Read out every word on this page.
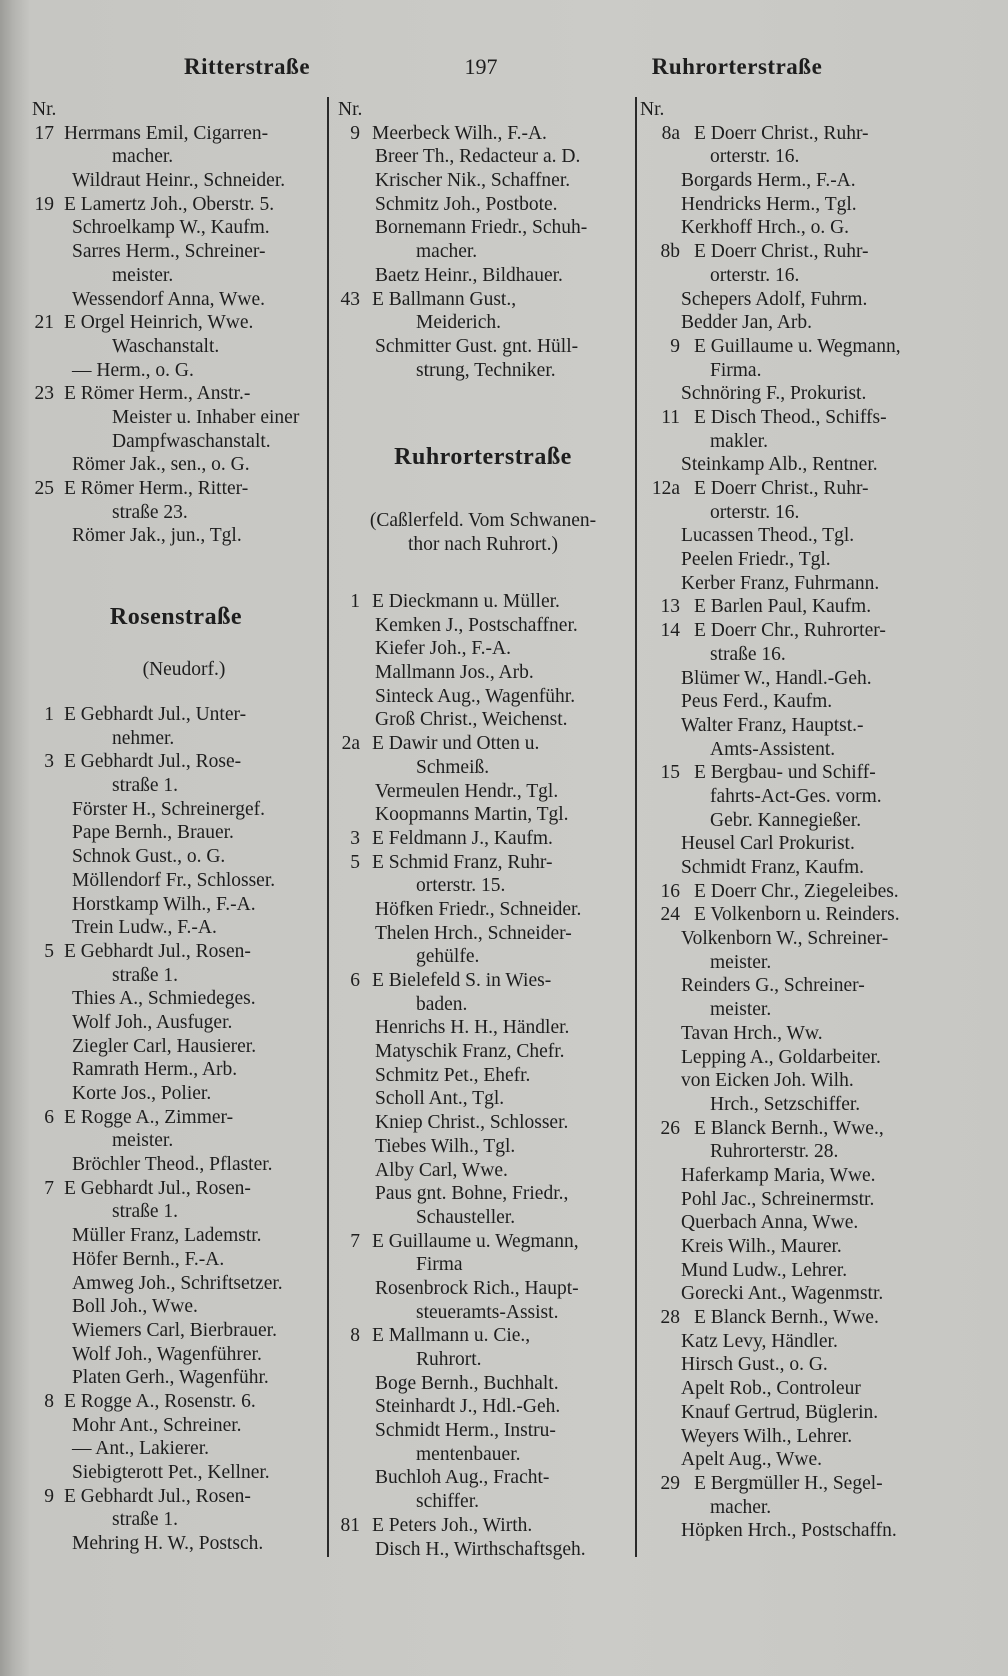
Ritterstraße	197	Ruhrorterstraße
Nr.
17 Herrmans Emil, Cigarren-
macher.
Wildraut Heinr., Schneider.
19 E Lamertz Joh., Oberstr. 5.
Schroelkamp W., Kaufm.
Sarres Herm., Schreiner-
meister.
Wessendorf Anna, Wwe.
21 E Orgel Heinrich, Wwe.
Waschanstalt.
— Herm., o. G.
23 E Römer Herm., Anstr.-
Meister u. Inhaber einer
Dampfwaschanstalt.
Römer Jak., sen., o. G.
25 E Römer Herm., Ritter-
straße 23.
Römer Jak., jun., Tgl.
Rosenstraße
(Neudorf.)
1 E Gebhardt Jul., Unter-
nehmer.
3 E Gebhardt Jul., Rose-
straße 1.
Förster H., Schreinergef.
Pape Bernh., Brauer.
Schnok Gust., o. G.
Möllendorf Fr., Schlosser.
Horstkamp Wilh., F.-A.
Trein Ludw., F.-A.
5 E Gebhardt Jul., Rosen-
straße 1.
Thies A., Schmiedeges.
Wolf Joh., Ausfuger.
Ziegler Carl, Hausierer.
Ramrath Herm., Arb.
Korte Jos., Polier.
6 E Rogge A., Zimmer-
meister.
Bröchler Theod., Pflaster.
7 E Gebhardt Jul., Rosen-
straße 1.
Müller Franz, Lademstr.
Höfer Bernh., F.-A.
Amweg Joh., Schriftsetzer.
Boll Joh., Wwe.
Wiemers Carl, Bierbrauer.
Wolf Joh., Wagenführer.
Platen Gerh., Wagenführ.
8 E Rogge A., Rosenstr. 6.
Mohr Ant., Schreiner.
— Ant., Lakierer.
Siebigterott Pet., Kellner.
9 E Gebhardt Jul., Rosen-
straße 1.
Mehring H. W., Postsch.
Nr.
9 Meerbeck Wilh., F.-A.
Breer Th., Redacteur a. D.
Krischer Nik., Schaffner.
Schmitz Joh., Postbote.
Bornemann Friedr., Schuh-
macher.
Baetz Heinr., Bildhauer.
43 E Ballmann Gust.,
Meiderich.
Schmitter Gust. gnt. Hüll-
strung, Techniker.
Ruhrorterstraße
(Caßlerfeld. Vom Schwanen-
thor nach Ruhrort.)
1 E Dieckmann u. Müller.
Kemken J., Postschaffner.
Kiefer Joh., F.-A.
Mallmann Jos., Arb.
Sinteck Aug., Wagenführ.
Groß Christ., Weichenst.
2a E Dawir und Otten u.
Schmeiß.
Vermeulen Hendr., Tgl.
Koopmanns Martin, Tgl.
3 E Feldmann J., Kaufm.
5 E Schmid Franz, Ruhr-
orterstr. 15.
Höfken Friedr., Schneider.
Thelen Hrch., Schneider-
gehülfe.
6 E Bielefeld S. in Wies-
baden.
Henrichs H. H., Händler.
Matyschik Franz, Chefr.
Schmitz Pet., Ehefr.
Scholl Ant., Tgl.
Kniep Christ., Schlosser.
Tiebes Wilh., Tgl.
Alby Carl, Wwe.
Paus gnt. Bohne, Friedr.,
Schausteller.
7 E Guillaume u. Wegmann,
Firma
Rosenbrock Rich., Haupt-
steueramts-Assist.
8 E Mallmann u. Cie.,
Ruhrort.
Boge Bernh., Buchhalt.
Steinhardt J., Hdl.-Geh.
Schmidt Herm., Instru-
mentenbauer.
Buchloh Aug., Fracht-
schiffer.
81 E Peters Joh., Wirth.
Disch H., Wirthschaftsgeh.
Nr.
8a E Doerr Christ., Ruhr-
orterstr. 16.
Borgards Herm., F.-A.
Hendricks Herm., Tgl.
Kerkhoff Hrch., o. G.
8b E Doerr Christ., Ruhr-
orterstr. 16.
Schepers Adolf, Fuhrm.
Bedder Jan, Arb.
9 E Guillaume u. Wegmann,
Firma.
Schnöring F., Prokurist.
11 E Disch Theod., Schiffs-
makler.
Steinkamp Alb., Rentner.
12a E Doerr Christ., Ruhr-
orterstr. 16.
Lucassen Theod., Tgl.
Peelen Friedr., Tgl.
Kerber Franz, Fuhrmann.
13 E Barlen Paul, Kaufm.
14 E Doerr Chr., Ruhrorter-
straße 16.
Blümer W., Handl.-Geh.
Peus Ferd., Kaufm.
Walter Franz, Hauptst.-
Amts-Assistent.
15 E Bergbau- und Schiff-
fahrts-Act-Ges. vorm.
Gebr. Kannegießer.
Heusel Carl Prokurist.
Schmidt Franz, Kaufm.
16 E Doerr Chr., Ziegeleibes.
24 E Volkenborn u. Reinders.
Volkenborn W., Schreiner-
meister.
Reinders G., Schreiner-
meister.
Tavan Hrch., Ww.
Lepping A., Goldarbeiter.
von Eicken Joh. Wilh.
Hrch., Setzschiffer.
26 E Blanck Bernh., Wwe.,
Ruhrorterstr. 28.
Haferkamp Maria, Wwe.
Pohl Jac., Schreinermstr.
Querbach Anna, Wwe.
Kreis Wilh., Maurer.
Mund Ludw., Lehrer.
Gorecki Ant., Wagenmstr.
28 E Blanck Bernh., Wwe.
Katz Levy, Händler.
Hirsch Gust., o. G.
Apelt Rob., Controleur
Knauf Gertrud, Büglerin.
Weyers Wilh., Lehrer.
Apelt Aug., Wwe.
29 E Bergmüller H., Segel-
macher.
Höpken Hrch., Postschaffn.
